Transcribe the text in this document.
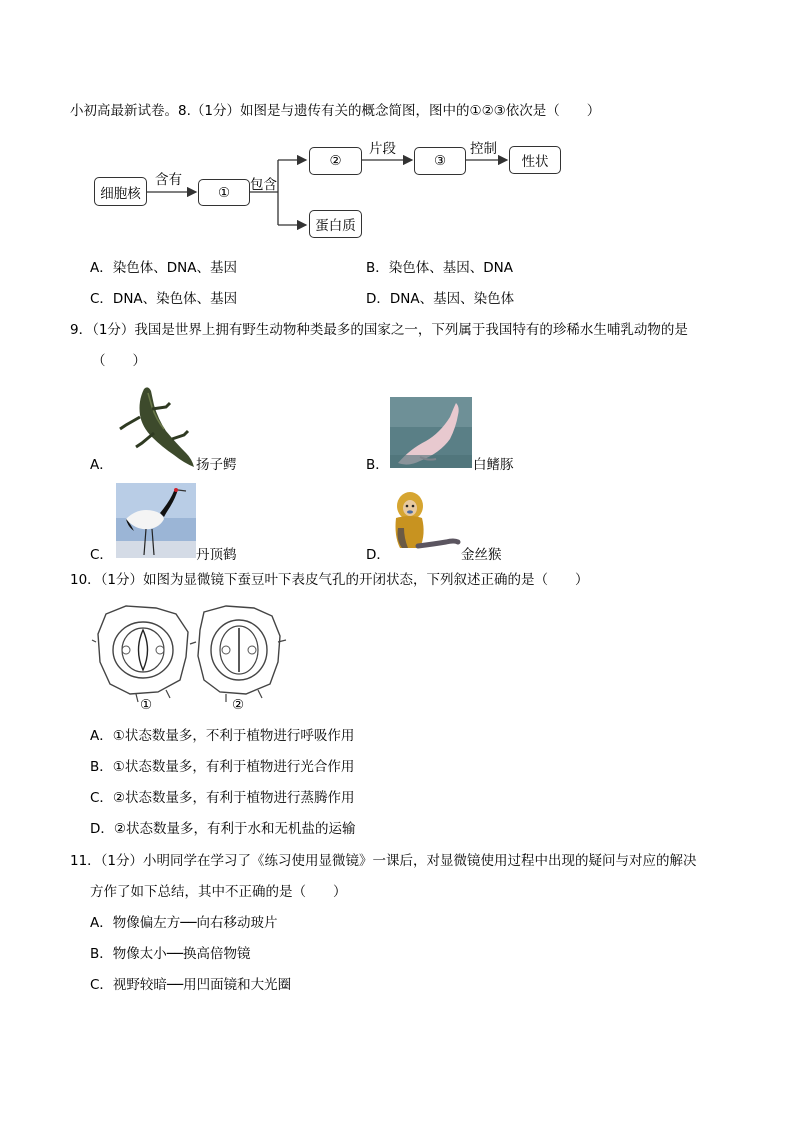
小初高最新试卷。8.（1分）如图是与遗传有关的概念简图，图中的①②③依次是（　　）
细胞核
含有
①	包含
②
片段
③
控制
性状
蛋白质
A．染色体、DNA、基因	B．染色体、基因、DNA
C．DNA、染色体、基因	D．DNA、基因、染色体
9．（1分）我国是世界上拥有野生动物种类最多的国家之一，下列属于我国特有的珍稀水生哺乳动物的是
（　　）
A．	扬子鳄	B．	白鳍豚
C．	丹顶鹤	D．	金丝猴
10．（1分）如图为显微镜下蚕豆叶下表皮气孔的开闭状态，下列叙述正确的是（　　）
①	②
A．①状态数量多，不利于植物进行呼吸作用
B．①状态数量多，有利于植物进行光合作用
C．②状态数量多，有利于植物进行蒸腾作用
D．②状态数量多，有利于水和无机盐的运输
11．（1分）小明同学在学习了《练习使用显微镜》一课后，对显微镜使用过程中出现的疑问与对应的解决
方作了如下总结，其中不正确的是（　　）
A．物像偏左方──向右移动玻片
B．物像太小──换高倍物镜
C．视野较暗──用凹面镜和大光圈
